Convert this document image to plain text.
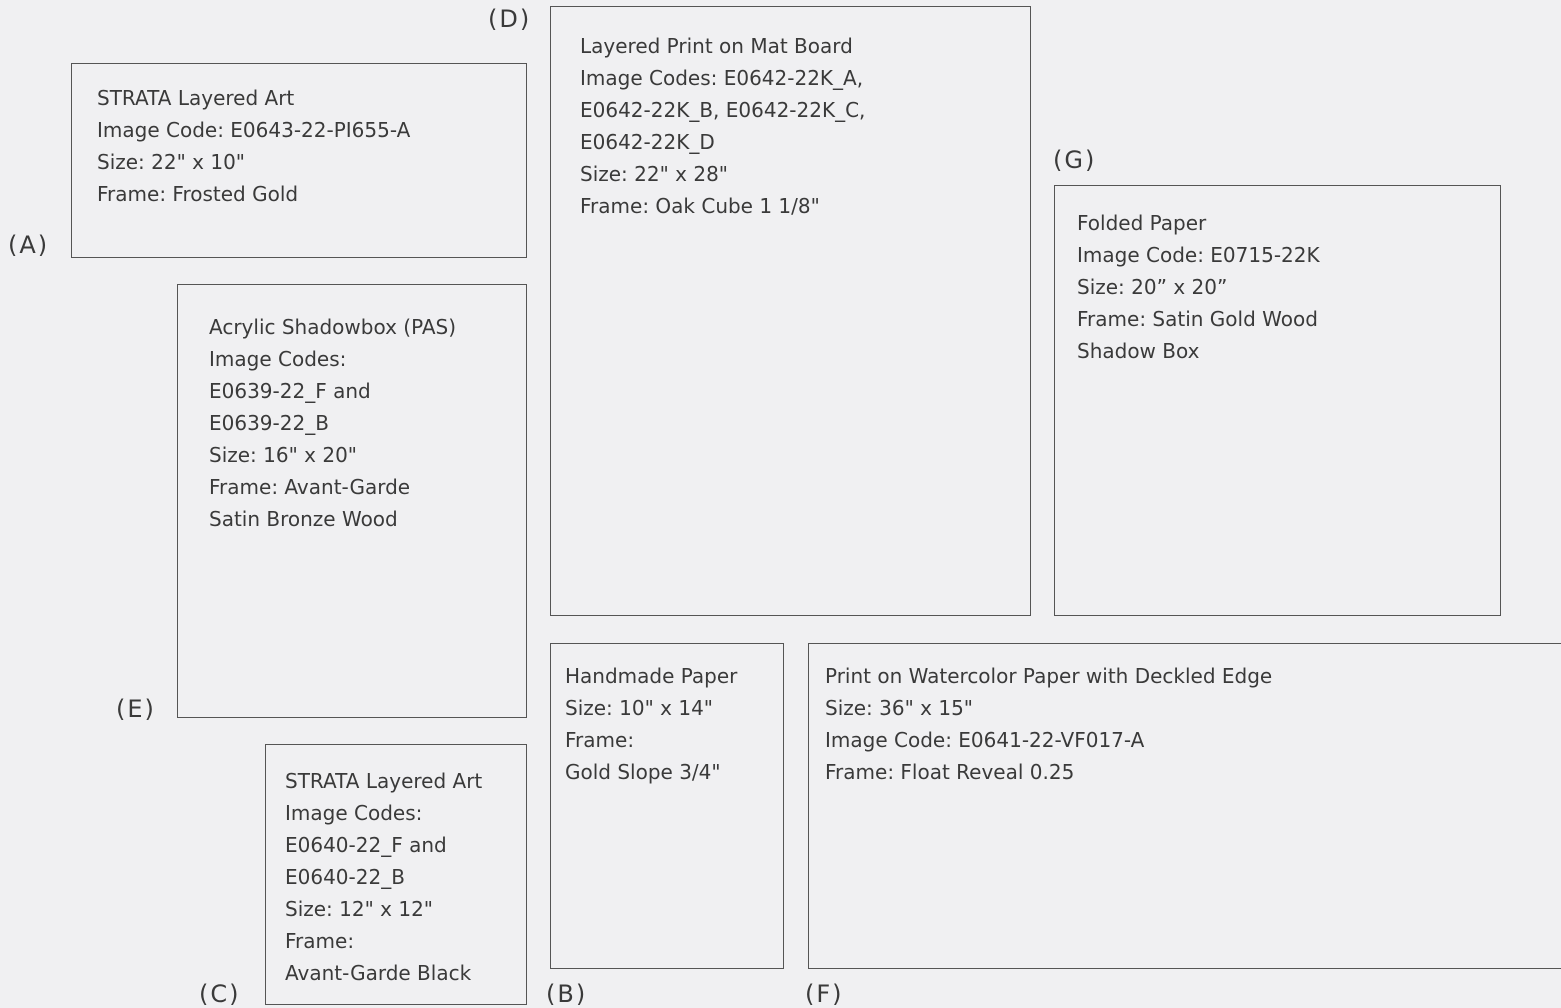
STRATA Layered Art
Image Code: E0643-22-PI655-A
Size: 22" x 10"
Frame: Frosted Gold
(A)
Layered Print on Mat Board
Image Codes: E0642-22K_A,
E0642-22K_B, E0642-22K_C,
E0642-22K_D
Size: 22" x 28"
Frame: Oak Cube 1 1/8"
(D)
Folded Paper
Image Code: E0715-22K
Size: 20” x 20”
Frame: Satin Gold Wood
Shadow Box
(G)
Acrylic Shadowbox (PAS)
Image Codes:
E0639-22_F and
E0639-22_B
Size: 16" x 20"
Frame: Avant-Garde
Satin Bronze Wood
(E)
STRATA Layered Art
Image Codes:
E0640-22_F and
E0640-22_B
Size: 12" x 12"
Frame:
Avant-Garde Black
(C)
Handmade Paper
Size: 10" x 14"
Frame:
Gold Slope 3/4"
(B)
Print on Watercolor Paper with Deckled Edge
Size: 36" x 15"
Image Code: E0641-22-VF017-A
Frame: Float Reveal 0.25
(F)
